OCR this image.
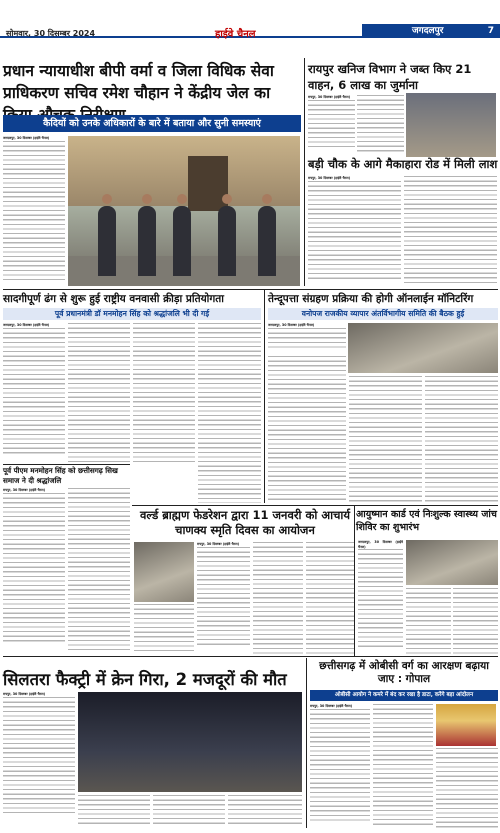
सोमवार, 30 दिसम्बर 2024	हाईवे चैनल	जगदलपुर	7
प्रधान न्यायाधीश बीपी वर्मा व जिला विधिक सेवा प्राधिकरण सचिव रमेश चौहान ने केंद्रीय जेल का
कैदियों को उनके अधिकारों के बारे में बताया और सुनी समस्याएं
जगदलपुर, 30 दिसम्बर (हाईवे चैनल)
रायपुर खनिज विभाग ने जब्त किए 21 वाहन, 6 लाख का जुर्माना
रायपुर, 30 दिसम्बर (हाईवे चैनल)
बड़ी चौक के आगे मैकाहारा रोड में मिली लाश
रायपुर, 30 दिसम्बर (हाईवे चैनल)
सादगीपूर्ण ढंग से शुरू हुई राष्ट्रीय वनवासी क्रीड़ा प्रतियोगता
पूर्व प्रधानमंत्री डॉ मनमोहन सिंह को श्रद्धांजलि भी दी गई
जगदलपुर, 30 दिसम्बर (हाईवे चैनल)
तेन्दूपत्ता संग्रहण प्रक्रिया की होगी ऑनलाईन मॉनिटरिंग
वनोपज राजकीय व्यापार अंतर्विभागीय समिति की बैठक हुई
जगदलपुर, 30 दिसम्बर (हाईवे चैनल)
पूर्व पीएम मनमोहन सिंह को छत्तीसगढ़ सिख समाज ने दी श्रद्धांजलि
रायपुर, 30 दिसम्बर (हाईवे चैनल)
वर्ल्ड ब्राह्मण फेडरेशन द्वारा 11 जनवरी को आचार्य चाणक्य स्मृति दिवस का आयोजन
रायपुर, 30 दिसम्बर (हाईवे चैनल)
आयुष्मान कार्ड एवं निःशुल्क स्वास्थ्य जांच शिविर का शुभारंभ
जगदलपुर, 30 दिसम्बर (हाईवे चैनल)
सिलतरा फैक्ट्री में क्रेन गिरा, 2 मजदूरों की मौत
रायपुर, 30 दिसम्बर (हाईवे चैनल)
छत्तीसगढ़ में ओबीसी वर्ग का आरक्षण बढ़ाया जाए : गोपाल
ओबीसी आयोग ने कमरे में बंद कर रखा है डाटा, करेंगे बड़ा आंदोलन
रायपुर, 30 दिसम्बर (हाईवे चैनल)
